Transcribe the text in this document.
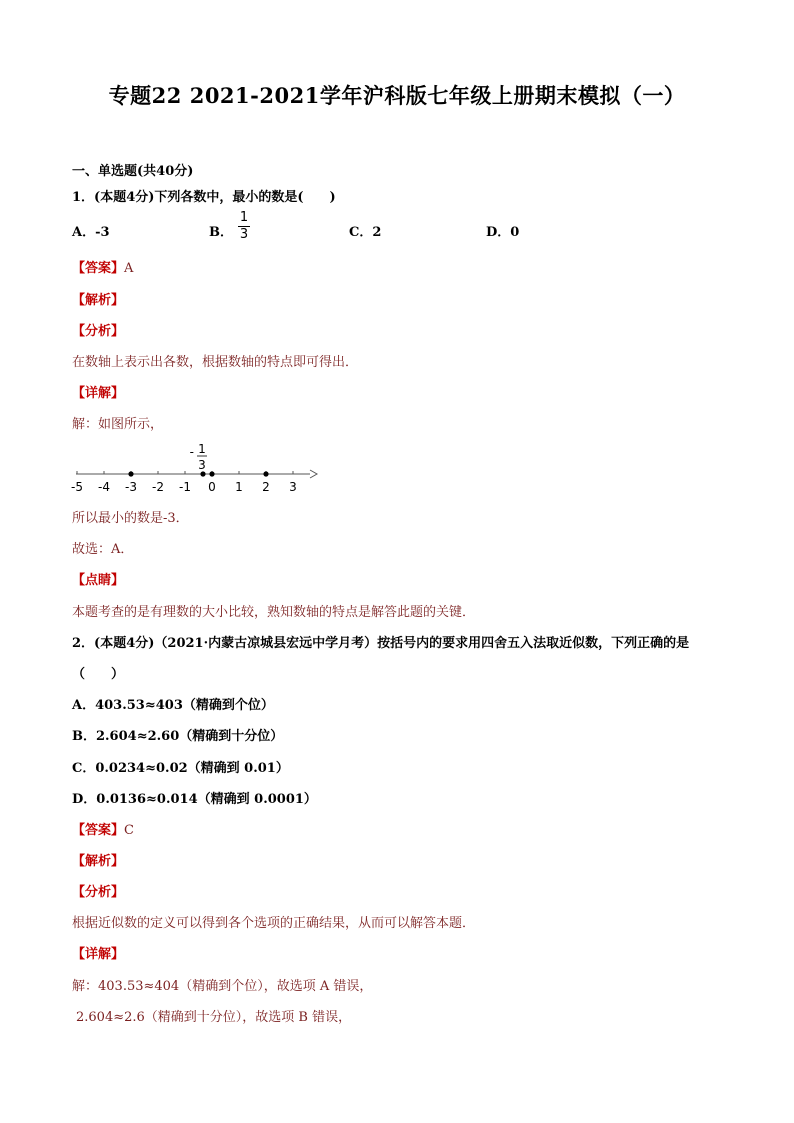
专题22 2021-2021学年沪科版七年级上册期末模拟（一）
一、单选题(共40分)
1．(本题4分)下列各数中，最小的数是(　　)
A．-3	B．
1
3	C．2	D．0
【答案】A
【解析】
【分析】
在数轴上表示出各数，根据数轴的特点即可得出．
【详解】
解：如图所示，
-5 -4 -3 -2 -1 0 1 2 3
- 1
3
所以最小的数是-3．
故选：A．
【点睛】
本题考查的是有理数的大小比较，熟知数轴的特点是解答此题的关键．
2．(本题4分)（2021·内蒙古凉城县宏远中学月考）按括号内的要求用四舍五入法取近似数，下列正确的是
（　　）
A．403.53≈403（精确到个位）
B．2.604≈2.60（精确到十分位）
C．0.0234≈0.02（精确到 0.01）
D．0.0136≈0.014（精确到 0.0001）
【答案】C
【解析】
【分析】
根据近似数的定义可以得到各个选项的正确结果，从而可以解答本题．
【详解】
解：403.53≈404（精确到个位），故选项 A 错误，
2.604≈2.6（精确到十分位），故选项 B 错误，
